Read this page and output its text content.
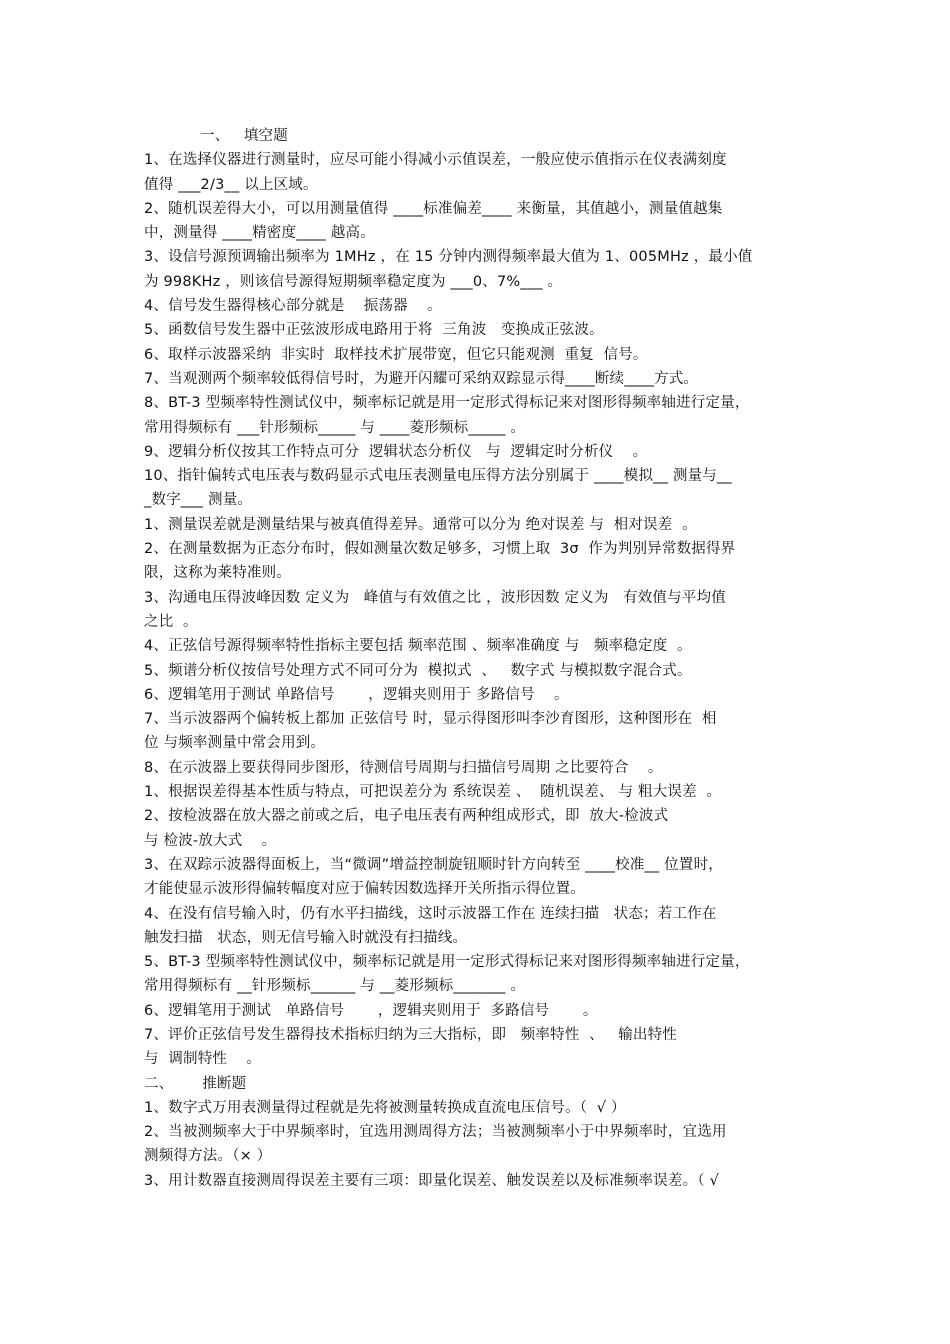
一、   填空题
1、在选择仪器进行测量时，应尽可能小得减小示值误差，一般应使示值指示在仪表满刻度
值得 ___2/3__ 以上区域。
2、随机误差得大小，可以用测量值得 ____标准偏差____ 来衡量，其值越小，测量值越集
中，测量得 ____精密度____ 越高。
3、设信号源预调输出频率为 1MHz ，在 15 分钟内测得频率最大值为 1、005MHz ，最小值
为 998KHz ，则该信号源得短期频率稳定度为 ___0、7%___ 。
4、信号发生器得核心部分就是    振荡器    。
5、函数信号发生器中正弦波形成电路用于将  三角波   变换成正弦波。
6、取样示波器采纳  非实时  取样技术扩展带宽，但它只能观测  重复  信号。
7、当观测两个频率较低得信号时，为避开闪耀可采纳双踪显示得____断续____方式。
8、BT-3 型频率特性测试仪中，频率标记就是用一定形式得标记来对图形得频率轴进行定量，
常用得频标有 ___针形频标_____ 与 ____菱形频标_____ 。
9、逻辑分析仪按其工作特点可分  逻辑状态分析仪   与  逻辑定时分析仪    。
10、指针偏转式电压表与数码显示式电压表测量电压得方法分别属于 ____模拟__ 测量与__
_数字___ 测量。
1、测量误差就是测量结果与被真值得差异。通常可以分为 绝对误差 与  相对误差  。
2、在测量数据为正态分布时，假如测量次数足够多，习惯上取  3σ  作为判别异常数据得界
限，这称为莱特准则。
3、沟通电压得波峰因数 定义为   峰值与有效值之比 ，波形因数 定义为   有效值与平均值
之比  。
4、正弦信号源得频率特性指标主要包括 频率范围 、频率准确度 与   频率稳定度  。
5、频谱分析仪按信号处理方式不同可分为  模拟式  、   数字式 与模拟数字混合式。
6、逻辑笔用于测试 单路信号       ，逻辑夹则用于 多路信号    。
7、当示波器两个偏转板上都加 正弦信号 时，显示得图形叫李沙育图形，这种图形在  相
位 与频率测量中常会用到。
8、在示波器上要获得同步图形，待测信号周期与扫描信号周期 之比要符合    。
1、根据误差得基本性质与特点，可把误差分为 系统误差 、  随机误差、 与 粗大误差  。
2、按检波器在放大器之前或之后，电子电压表有两种组成形式，即  放大-检波式
与 检波-放大式    。
3、在双踪示波器得面板上，当“微调”增益控制旋钮顺时针方向转至 ____校准__ 位置时，
才能使显示波形得偏转幅度对应于偏转因数选择开关所指示得位置。
4、在没有信号输入时，仍有水平扫描线，这时示波器工作在 连续扫描   状态；若工作在
触发扫描   状态，则无信号输入时就没有扫描线。
5、BT-3 型频率特性测试仪中，频率标记就是用一定形式得标记来对图形得频率轴进行定量，
常用得频标有 __针形频标______ 与 __菱形频标_______ 。
6、逻辑笔用于测试   单路信号       ，逻辑夹则用于  多路信号       。
7、评价正弦信号发生器得技术指标归纳为三大指标，即   频率特性  、   输出特性
与  调制特性    。
二、      推断题
1、数字式万用表测量得过程就是先将被测量转换成直流电压信号。（  √ ）
2、当被测频率大于中界频率时，宜选用测周得方法；当被测频率小于中界频率时，宜选用
测频得方法。（× ）
3、用计数器直接测周得误差主要有三项：即量化误差、触发误差以及标准频率误差。（ √
